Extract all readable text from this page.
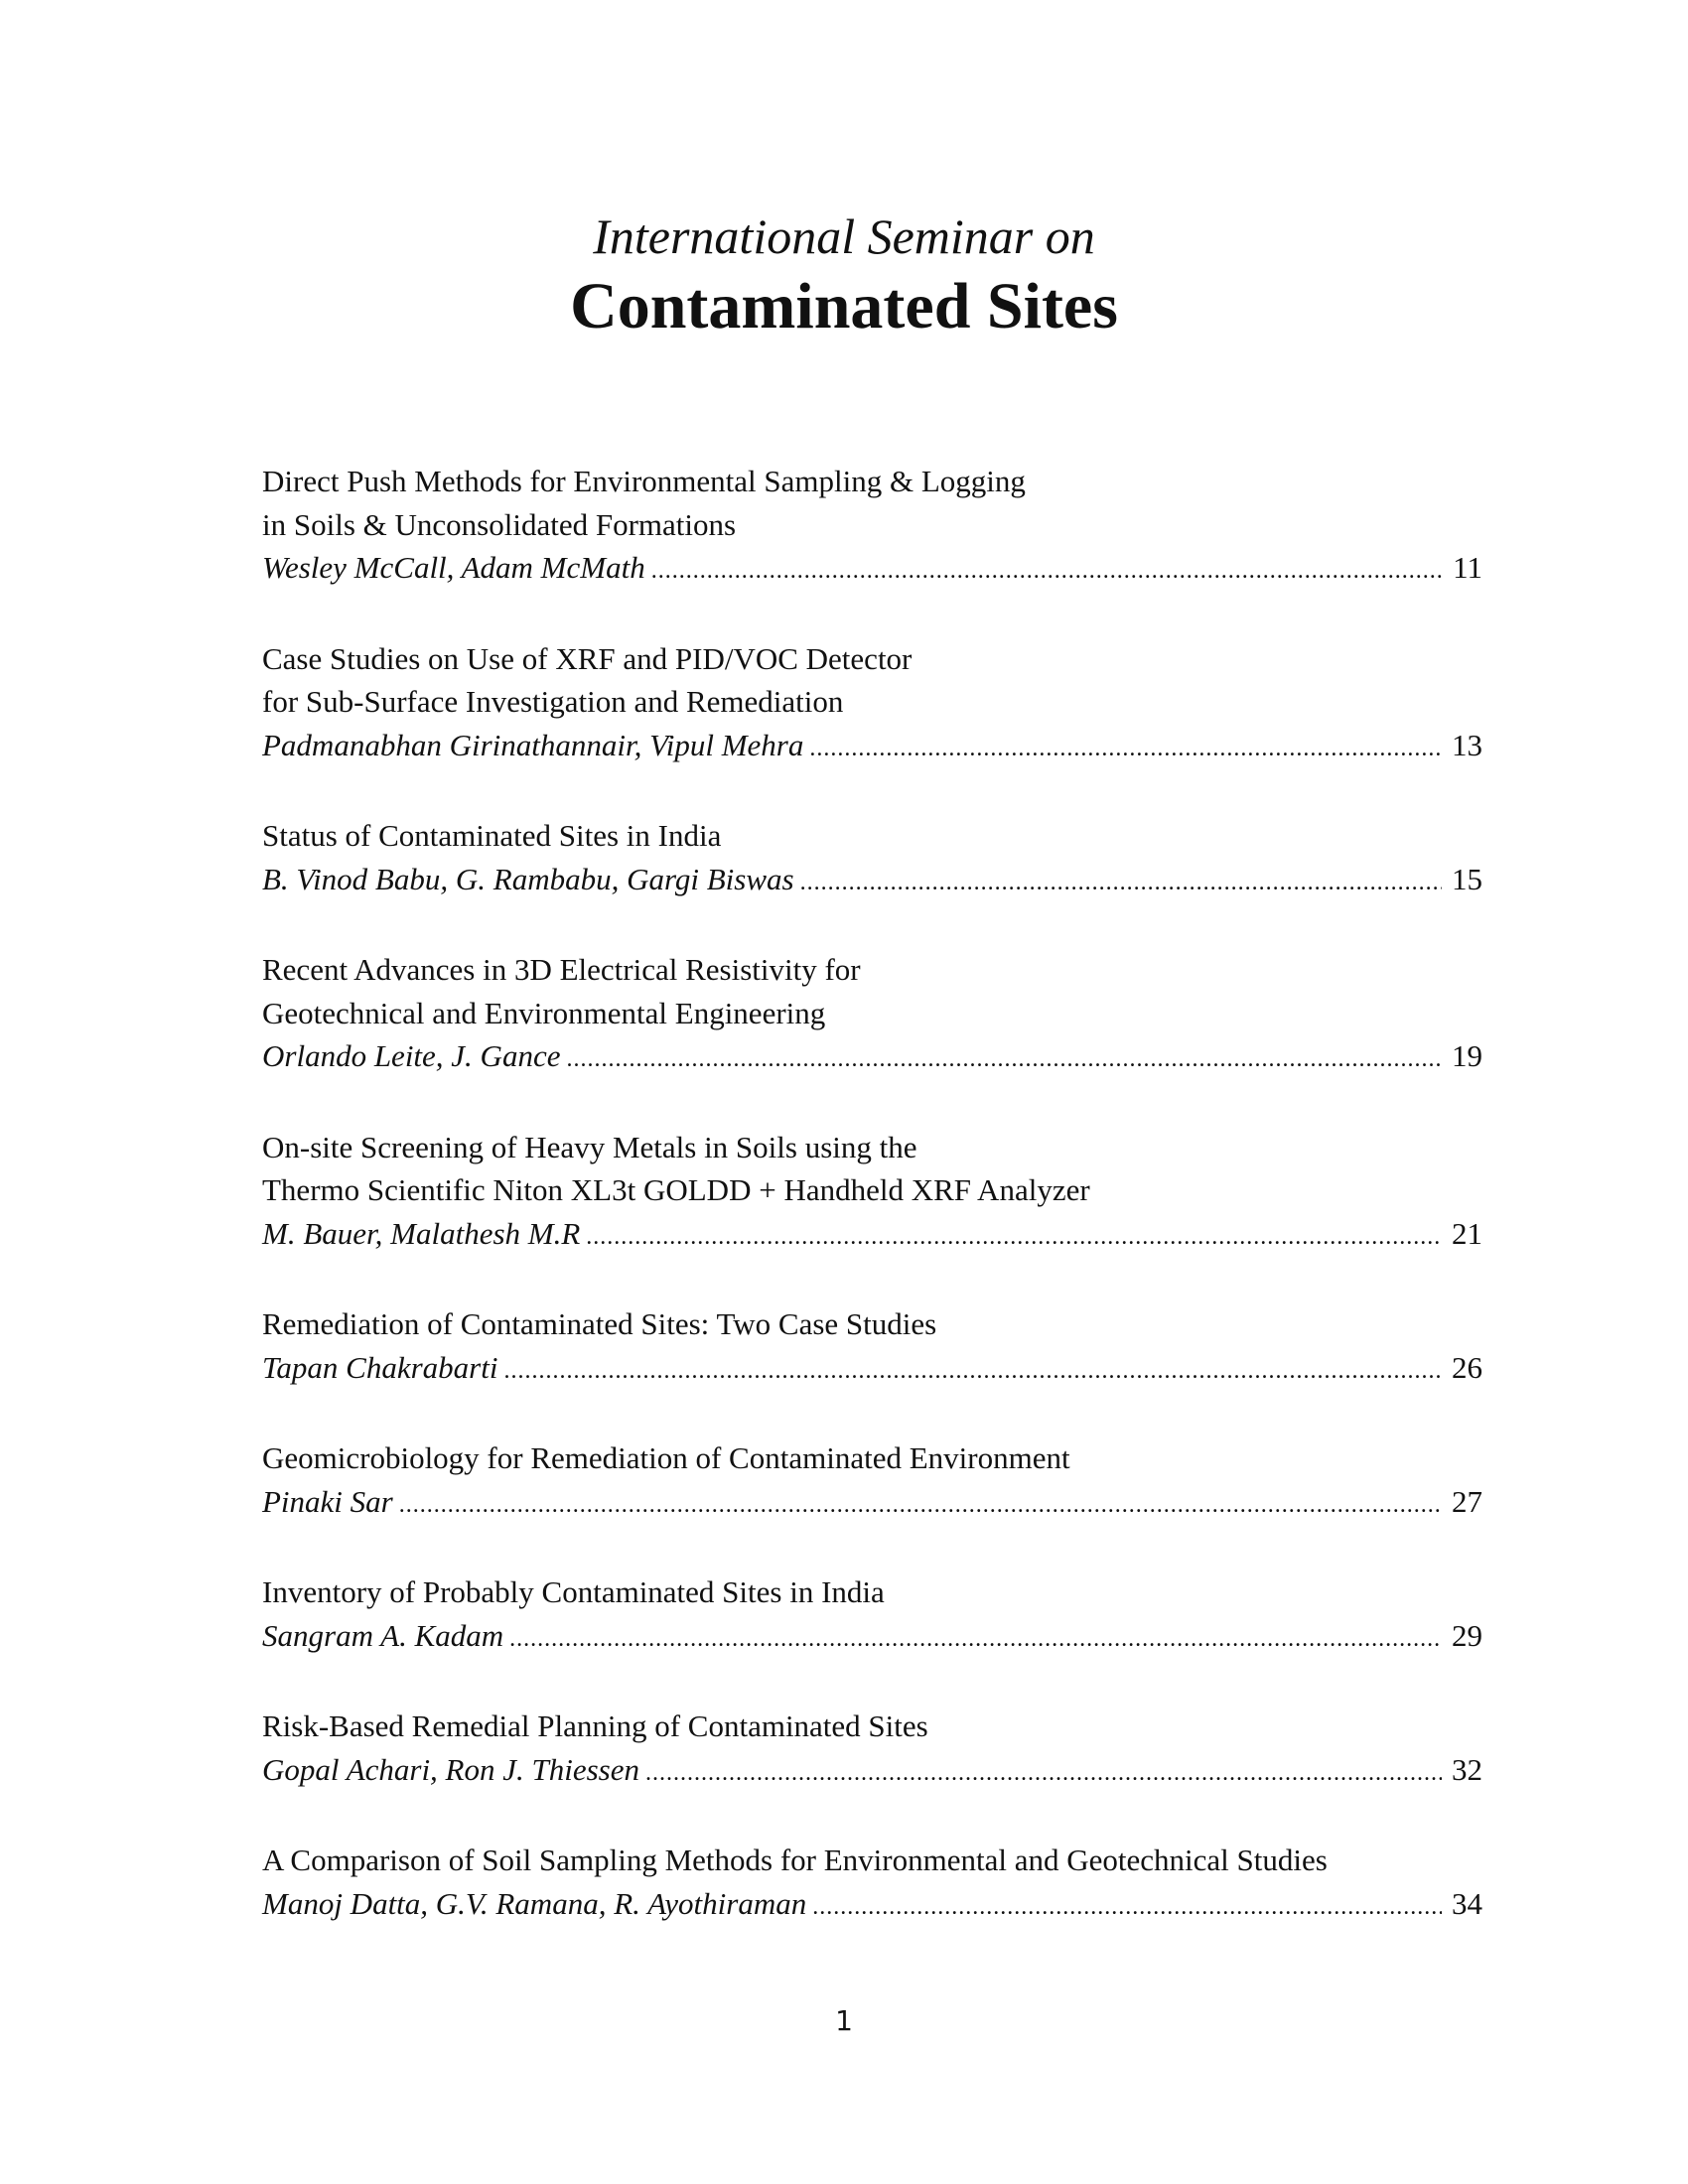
International Seminar on
Contaminated Sites
Direct Push Methods for Environmental Sampling & Logging
in Soils & Unconsolidated Formations
Wesley McCall, Adam McMath .....	11
Case Studies on Use of XRF and PID/VOC Detector
for Sub-Surface Investigation and Remediation
Padmanabhan Girinathannair, Vipul Mehra .....	13
Status of Contaminated Sites in India
B. Vinod Babu, G. Rambabu, Gargi Biswas .....	15
Recent Advances in 3D Electrical Resistivity for
Geotechnical and Environmental Engineering
Orlando Leite, J. Gance .....	19
On-site Screening of Heavy Metals in Soils using the
Thermo Scientific Niton XL3t GOLDD + Handheld XRF Analyzer
M. Bauer, Malathesh M.R .....	21
Remediation of Contaminated Sites: Two Case Studies
Tapan Chakrabarti .....	26
Geomicrobiology for Remediation of Contaminated Environment
Pinaki Sar .....	27
Inventory of Probably Contaminated Sites in India
Sangram A. Kadam .....	29
Risk-Based Remedial Planning of Contaminated Sites
Gopal Achari, Ron J. Thiessen .....	32
A Comparison of Soil Sampling Methods for Environmental and Geotechnical Studies
Manoj Datta, G.V. Ramana, R. Ayothiraman .....	34
1
